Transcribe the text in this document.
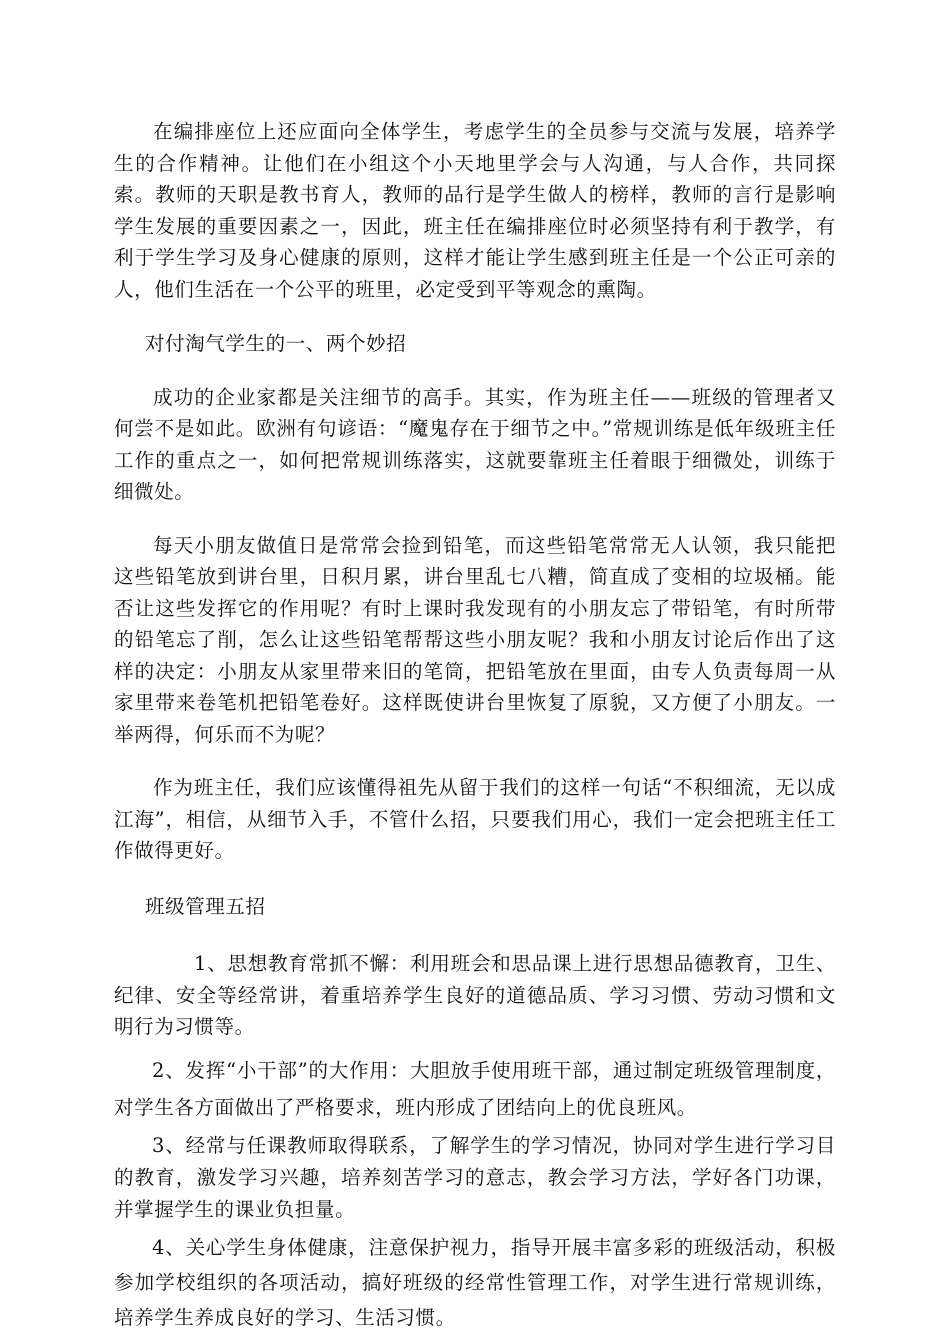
在编排座位上还应面向全体学生，考虑学生的全员参与交流与发展，培养学生的合作精神。让他们在小组这个小天地里学会与人沟通，与人合作，共同探索。教师的天职是教书育人，教师的品行是学生做人的榜样，教师的言行是影响学生发展的重要因素之一，因此，班主任在编排座位时必须坚持有利于教学，有利于学生学习及身心健康的原则，这样才能让学生感到班主任是一个公正可亲的人，他们生活在一个公平的班里，必定受到平等观念的熏陶。

对付淘气学生的一、两个妙招

成功的企业家都是关注细节的高手。其实，作为班主任——班级的管理者又何尝不是如此。欧洲有句谚语：“魔鬼存在于细节之中。”常规训练是低年级班主任工作的重点之一，如何把常规训练落实，这就要靠班主任着眼于细微处，训练于细微处。

每天小朋友做值日是常常会捡到铅笔，而这些铅笔常常无人认领，我只能把这些铅笔放到讲台里，日积月累，讲台里乱七八糟，简直成了变相的垃圾桶。能否让这些发挥它的作用呢？有时上课时我发现有的小朋友忘了带铅笔，有时所带的铅笔忘了削，怎么让这些铅笔帮帮这些小朋友呢？我和小朋友讨论后作出了这样的决定：小朋友从家里带来旧的笔筒，把铅笔放在里面，由专人负责每周一从家里带来卷笔机把铅笔卷好。这样既使讲台里恢复了原貌，又方便了小朋友。一举两得，何乐而不为呢？

作为班主任，我们应该懂得祖先从留于我们的这样一句话“不积细流，无以成江海”，相信，从细节入手，不管什么招，只要我们用心，我们一定会把班主任工作做得更好。

班级管理五招

1、思想教育常抓不懈：利用班会和思品课上进行思想品德教育，卫生、纪律、安全等经常讲，着重培养学生良好的道德品质、学习习惯、劳动习惯和文明行为习惯等。

2、发挥“小干部”的大作用：大胆放手使用班干部，通过制定班级管理制度，对学生各方面做出了严格要求，班内形成了团结向上的优良班风。

3、经常与任课教师取得联系，了解学生的学习情况，协同对学生进行学习目的教育，激发学习兴趣，培养刻苦学习的意志，教会学习方法，学好各门功课，并掌握学生的课业负担量。

4、关心学生身体健康，注意保护视力，指导开展丰富多彩的班级活动，积极参加学校组织的各项活动，搞好班级的经常性管理工作，对学生进行常规训练，培养学生养成良好的学习、生活习惯。
